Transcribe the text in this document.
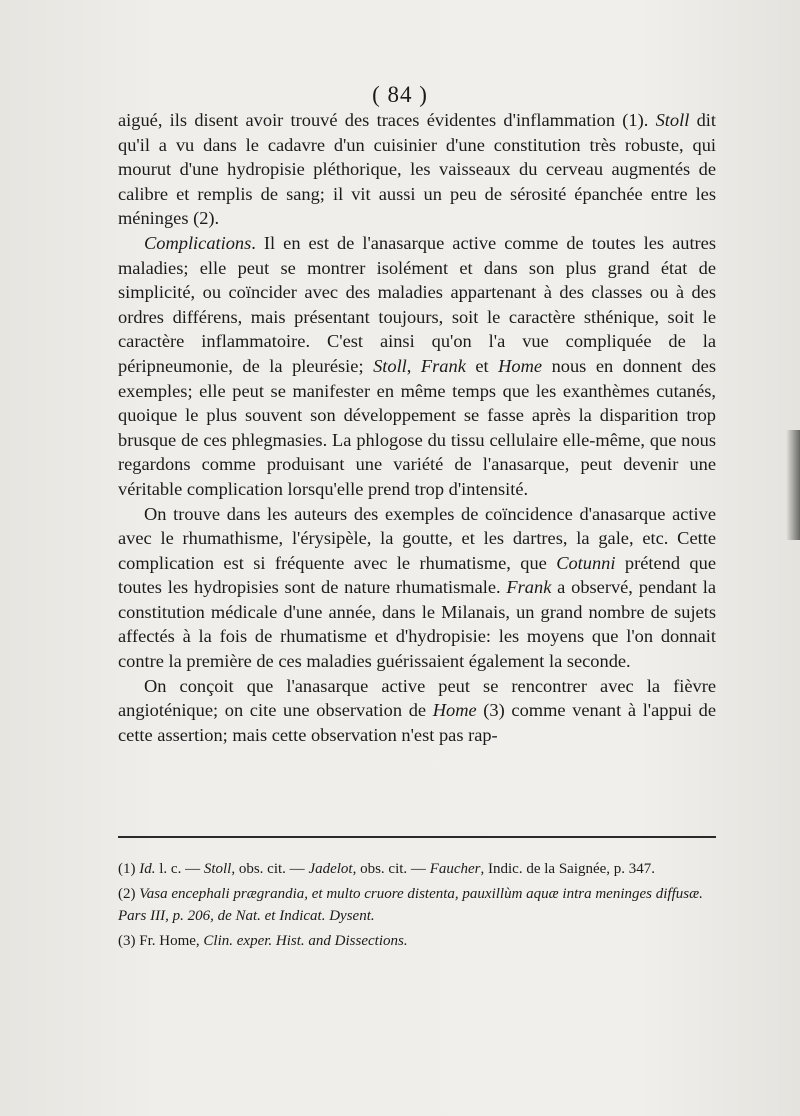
( 84 )

aigué, ils disent avoir trouvé des traces évidentes d'inflammation (1). Stoll dit qu'il a vu dans le cadavre d'un cuisinier d'une constitution très robuste, qui mourut d'une hydropisie pléthorique, les vaisseaux du cerveau augmentés de calibre et remplis de sang; il vit aussi un peu de sérosité épanchée entre les méninges (2).

Complications. Il en est de l'anasarque active comme de toutes les autres maladies; elle peut se montrer isolément et dans son plus grand état de simplicité, ou coïncider avec des maladies appartenant à des classes ou à des ordres différens, mais présentant toujours, soit le caractère sthénique, soit le caractère inflammatoire. C'est ainsi qu'on l'a vue compliquée de la péripneumonie, de la pleurésie; Stoll, Frank et Home nous en donnent des exemples; elle peut se manifester en même temps que les exanthèmes cutanés, quoique le plus souvent son développement se fasse après la disparition trop brusque de ces phlegmasies. La phlogose du tissu cellulaire elle-même, que nous regardons comme produisant une variété de l'anasarque, peut devenir une véritable complication lorsqu'elle prend trop d'intensité.

On trouve dans les auteurs des exemples de coïncidence d'anasarque active avec le rhumathisme, l'érysipèle, la goutte, et les dartres, la gale, etc. Cette complication est si fréquente avec le rhumatisme, que Cotunni prétend que toutes les hydropisies sont de nature rhumatismale. Frank a observé, pendant la constitution médicale d'une année, dans le Milanais, un grand nombre de sujets affectés à la fois de rhumatisme et d'hydropisie: les moyens que l'on donnait contre la première de ces maladies guérissaient également la seconde.

On conçoit que l'anasarque active peut se rencontrer avec la fièvre angioténique; on cite une observation de Home (3) comme venant à l'appui de cette assertion; mais cette observation n'est pas rap-

(1) Id. l. c. — Stoll, obs. cit. — Jadelot, obs. cit. — Faucher, Indic. de la Saignée, p. 347.

(2) Vasa encephali prægrandia, et multo cruore distenta, pauxillùm aquæ intra meninges diffusæ. Pars III, p. 206, de Nat. et Indicat. Dysent.

(3) Fr. Home, Clin. exper. Hist. and Dissections.
